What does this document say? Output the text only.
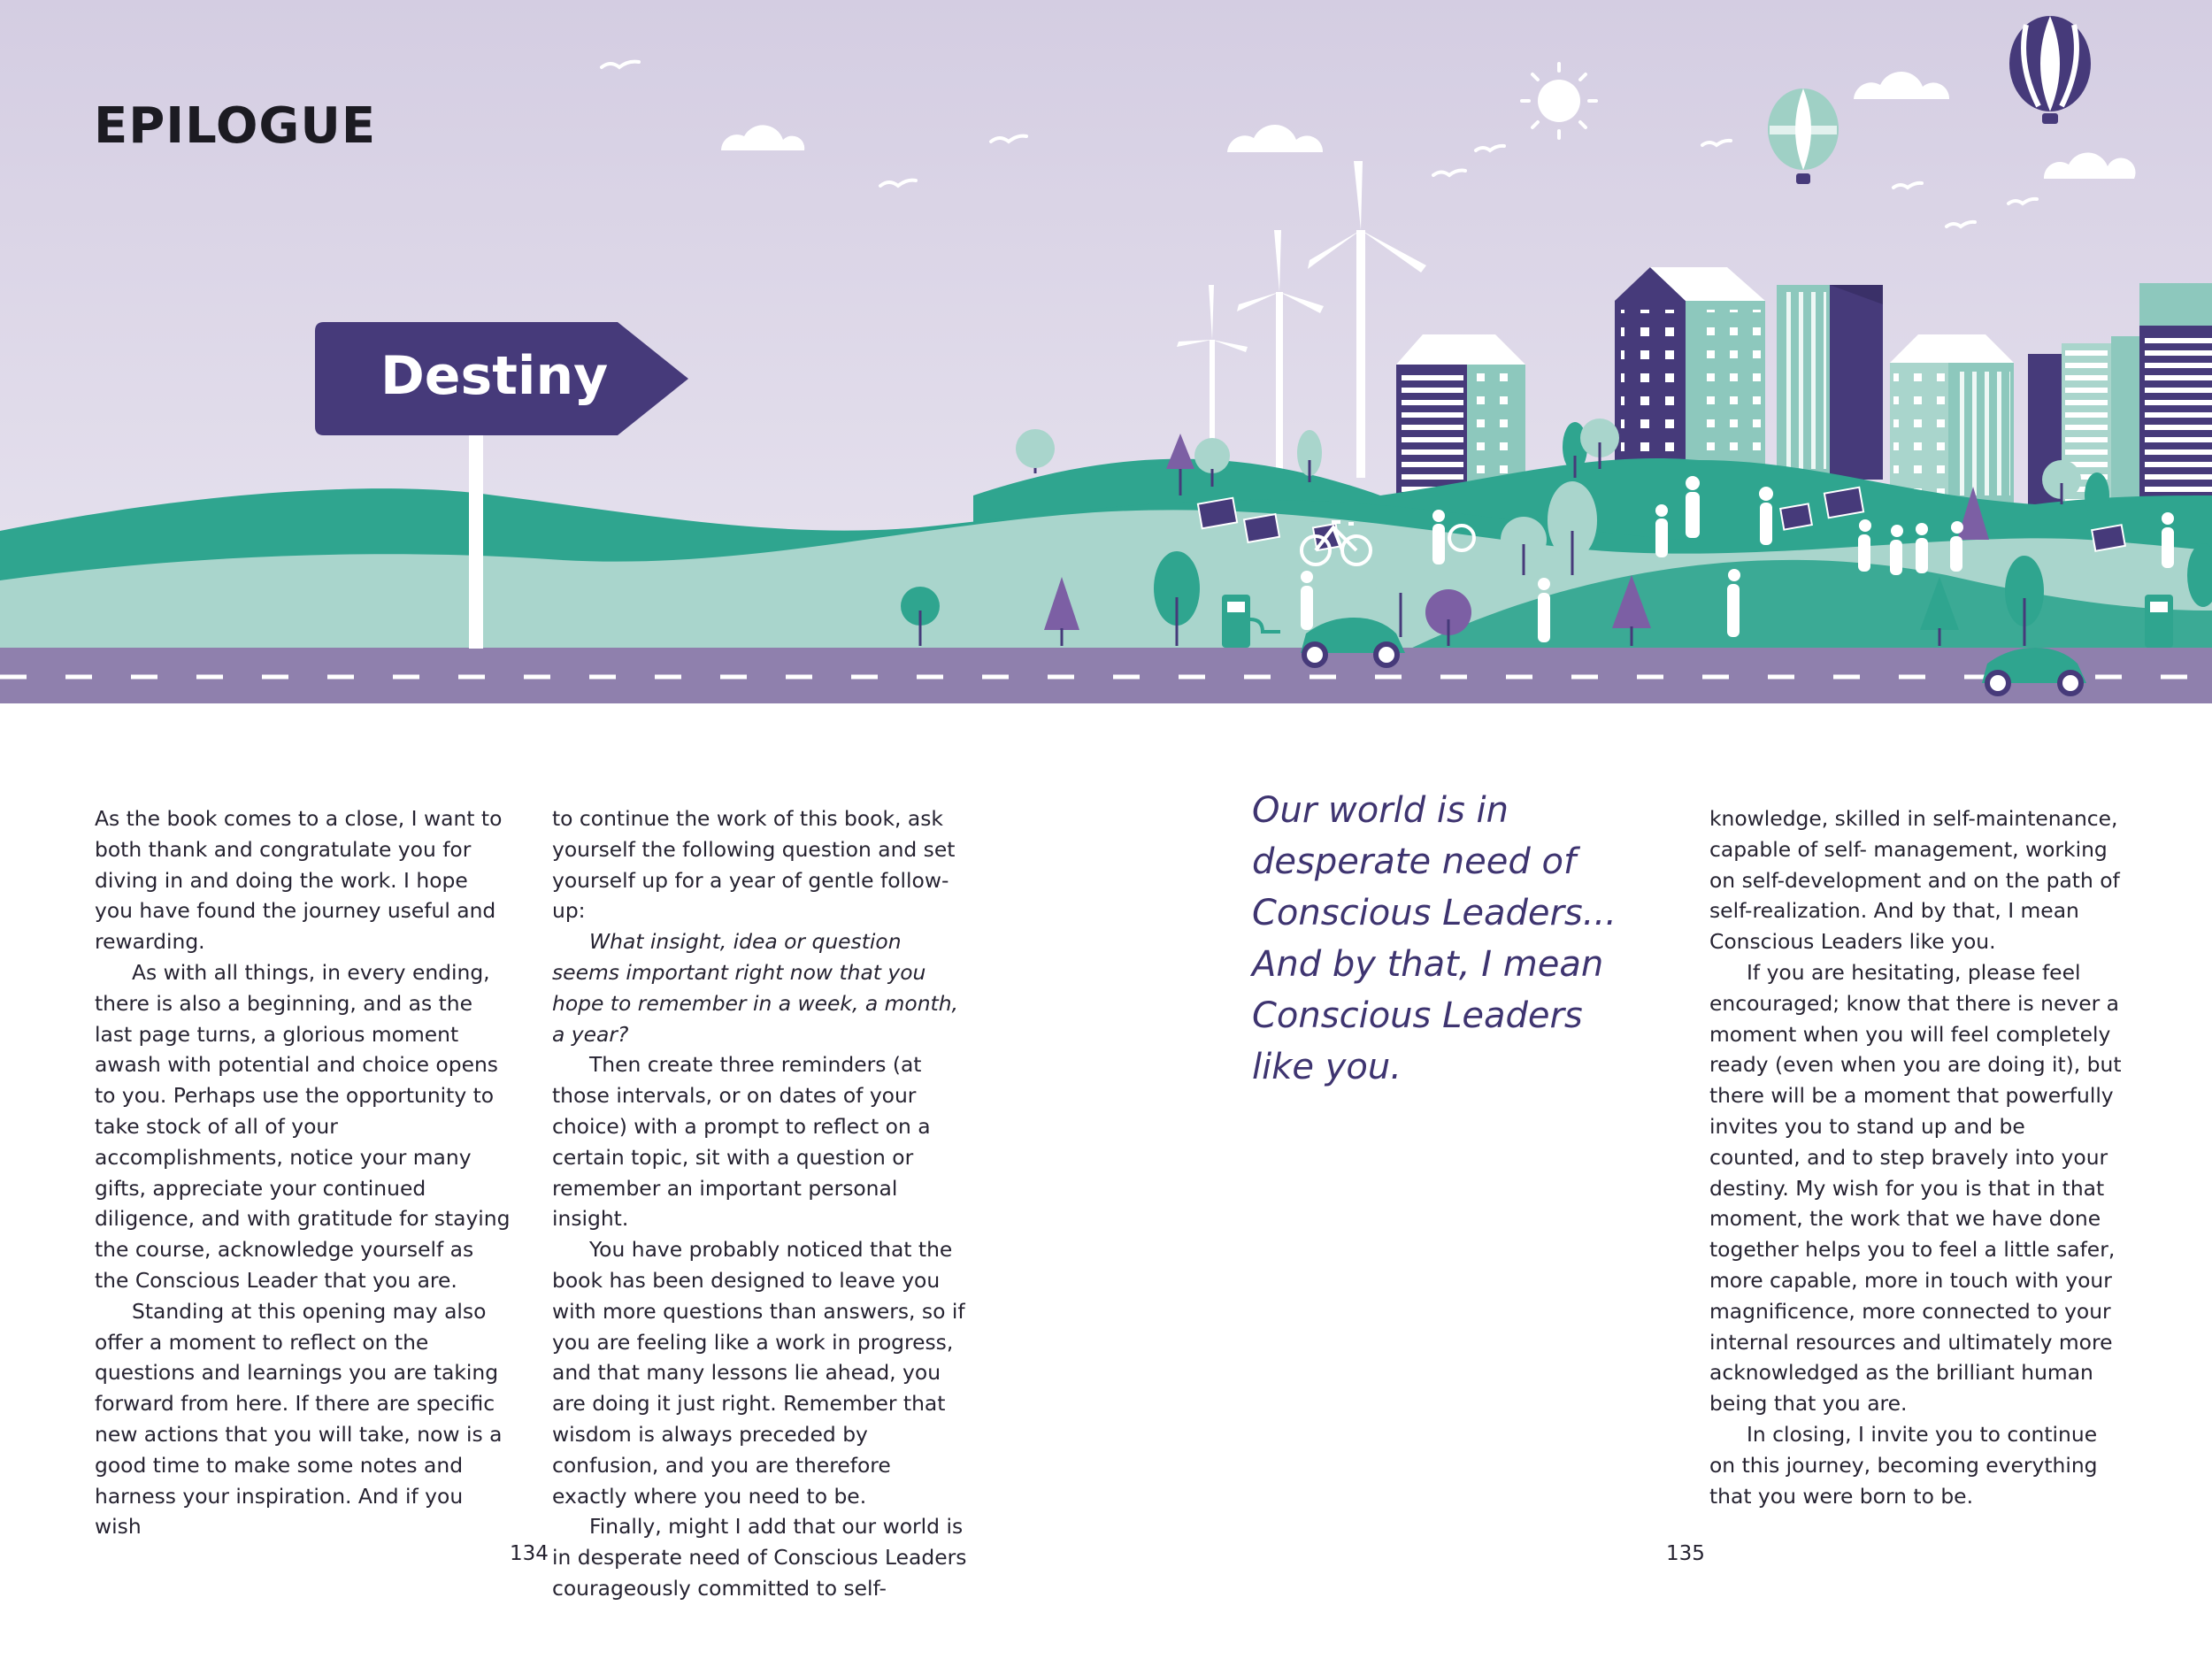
EPILOGUE
Destiny

As the book comes to a close, I want to both thank and congratulate you for diving in and doing the work. I hope you have found the journey useful and rewarding.

As with all things, in every ending, there is also a beginning, and as the last page turns, a glorious moment awash with potential and choice opens to you. Perhaps use the opportunity to take stock of all of your accomplishments, notice your many gifts, appreciate your continued diligence, and with gratitude for staying the course, acknowledge yourself as the Conscious Leader that you are.

Standing at this opening may also offer a moment to reflect on the questions and learnings you are taking forward from here. If there are specific new actions that you will take, now is a good time to make some notes and harness your inspiration. And if you wish

to continue the work of this book, ask yourself the following question and set yourself up for a year of gentle follow-up:

What insight, idea or question seems important right now that you hope to remember in a week, a month, a year?

Then create three reminders (at those intervals, or on dates of your choice) with a prompt to reflect on a certain topic, sit with a question or remember an important personal insight.

You have probably noticed that the book has been designed to leave you with more questions than answers, so if you are feeling like a work in progress, and that many lessons lie ahead, you are doing it just right. Remember that wisdom is always preceded by confusion, and you are therefore exactly where you need to be.

Finally, might I add that our world is in desperate need of Conscious Leaders courageously committed to self-

134

Our world is in desperate need of Conscious Leaders... And by that, I mean Conscious Leaders like you.

knowledge, skilled in self-maintenance, capable of self- management, working on self-development and on the path of self-realization. And by that, I mean Conscious Leaders like you.

If you are hesitating, please feel encouraged; know that there is never a moment when you will feel completely ready (even when you are doing it), but there will be a moment that powerfully invites you to stand up and be counted, and to step bravely into your destiny. My wish for you is that in that moment, the work that we have done together helps you to feel a little safer, more capable, more in touch with your magnificence, more connected to your internal resources and ultimately more acknowledged as the brilliant human being that you are.

In closing, I invite you to continue on this journey, becoming everything that you were born to be.

135
